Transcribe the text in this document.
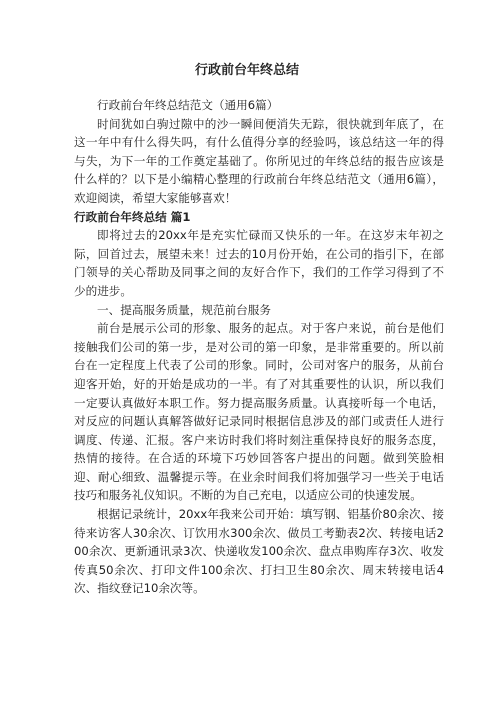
行政前台年终总结

行政前台年终总结范文（通用6篇）

时间犹如白驹过隙中的沙一瞬间便消失无踪，很快就到年底了，在这一年中有什么得失吗，有什么值得分享的经验吗，该总结这一年的得与失，为下一年的工作奠定基础了。你所见过的年终总结的报告应该是什么样的？以下是小编精心整理的行政前台年终总结范文（通用6篇），欢迎阅读，希望大家能够喜欢！

行政前台年终总结 篇1

即将过去的20xx年是充实忙碌而又快乐的一年。在这岁末年初之际，回首过去，展望未来！过去的10月份开始，在公司的指引下，在部门领导的关心帮助及同事之间的友好合作下，我们的工作学习得到了不少的进步。

一、提高服务质量，规范前台服务

前台是展示公司的形象、服务的起点。对于客户来说，前台是他们接触我们公司的第一步，是对公司的第一印象，是非常重要的。所以前台在一定程度上代表了公司的形象。同时，公司对客户的服务，从前台迎客开始，好的开始是成功的一半。有了对其重要性的认识，所以我们一定要认真做好本职工作。努力提高服务质量。认真接听每一个电话，对反应的问题认真解答做好记录同时根据信息涉及的部门或责任人进行调度、传递、汇报。客户来访时我们将时刻注重保持良好的服务态度，热情的接待。在合适的环境下巧妙回答客户提出的问题。做到笑脸相迎、耐心细致、温馨提示等。在业余时间我们将加强学习一些关于电话技巧和服务礼仪知识。不断的为自己充电，以适应公司的快速发展。

根据记录统计，20xx年我来公司开始：填写钢、铝基价80余次、接待来访客人30余次、订饮用水300余次、做员工考勤表2次、转接电话200余次、更新通讯录3次、快递收发100余次、盘点串购库存3次、收发传真50余次、打印文件100余次、打扫卫生80余次、周末转接电话4次、指纹登记10余次等。
